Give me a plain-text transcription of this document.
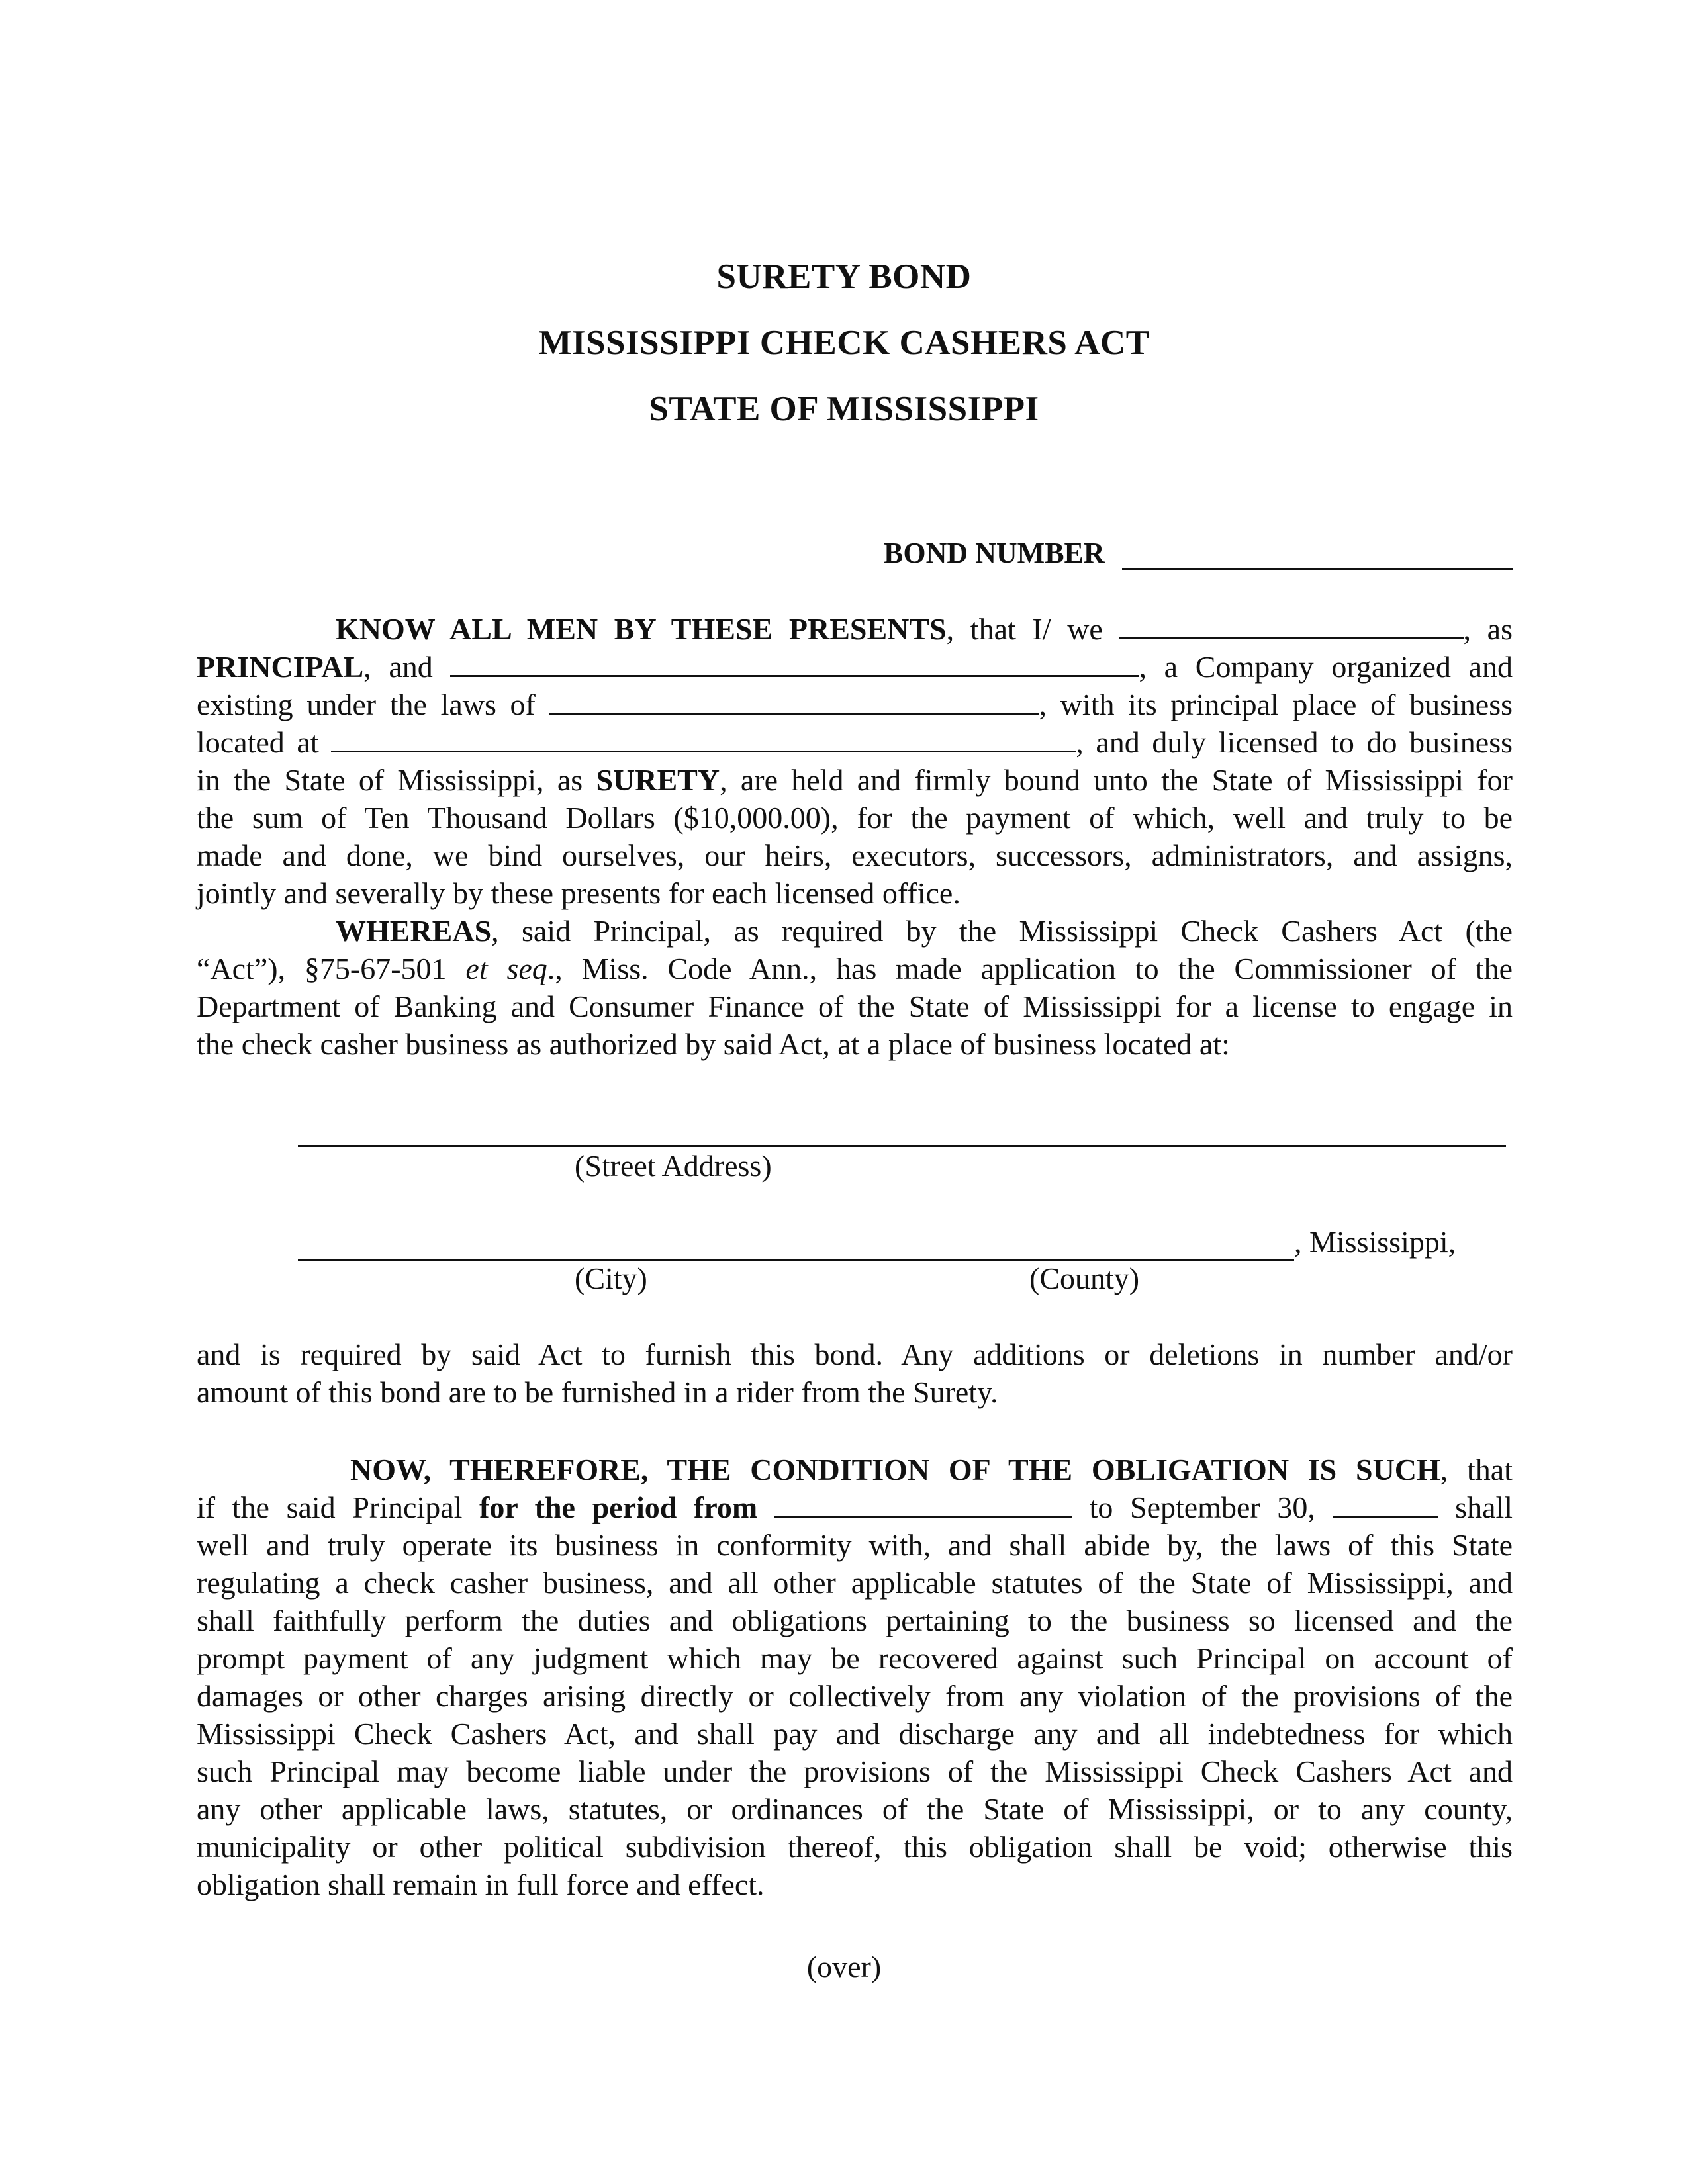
SURETY BOND
MISSISSIPPI CHECK CASHERS ACT
STATE OF MISSISSIPPI
BOND NUMBER
KNOW ALL MEN BY THESE PRESENTS, that I/ we	, as
PRINCIPAL, and	, a Company organized and
existing under the laws of	, with its principal place of business
located at	, and duly licensed to do business
in the State of Mississippi, as SURETY, are held and firmly bound unto the State of Mississippi for
the sum of Ten Thousand Dollars ($10,000.00), for the payment of which, well and truly to be
made and done, we bind ourselves, our heirs, executors, successors, administrators, and assigns,
jointly and severally by these presents for each licensed office.
WHEREAS, said Principal, as required by the Mississippi Check Cashers Act (the
“Act”), §75-67-501 et seq., Miss. Code Ann., has made application to the Commissioner of the
Department of Banking and Consumer Finance of the State of Mississippi for a license to engage in
the check casher business as authorized by said Act, at a place of business located at:
(Street Address)
, Mississippi,
(City)	(County)
and is required by said Act to furnish this bond. Any additions or deletions in number and/or
amount of this bond are to be furnished in a rider from the Surety.
NOW, THEREFORE, THE CONDITION OF THE OBLIGATION IS SUCH, that
if the said Principal for the period from	to September 30,	shall
well and truly operate its business in conformity with, and shall abide by, the laws of this State
regulating a check casher business, and all other applicable statutes of the State of Mississippi, and
shall faithfully perform the duties and obligations pertaining to the business so licensed and the
prompt payment of any judgment which may be recovered against such Principal on account of
damages or other charges arising directly or collectively from any violation of the provisions of the
Mississippi Check Cashers Act, and shall pay and discharge any and all indebtedness for which
such Principal may become liable under the provisions of the Mississippi Check Cashers Act and
any other applicable laws, statutes, or ordinances of the State of Mississippi, or to any county,
municipality or other political subdivision thereof, this obligation shall be void; otherwise this
obligation shall remain in full force and effect.
(over)
